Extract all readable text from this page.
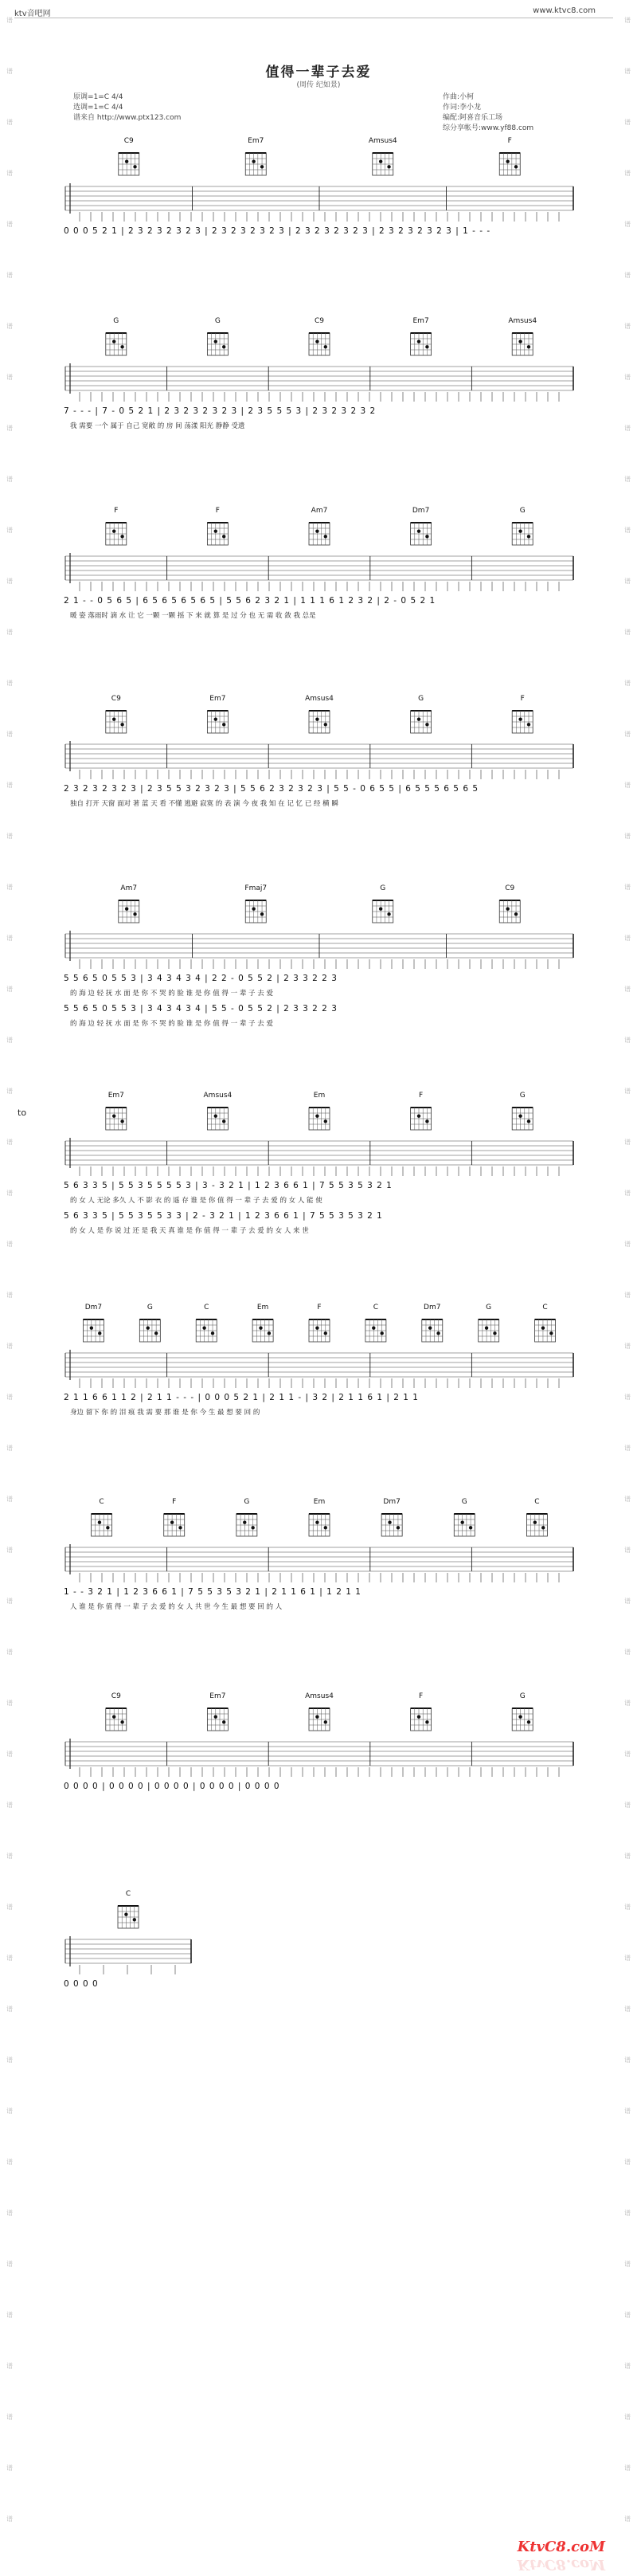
ktv音吧网	www.ktvc8.com
值得一辈子去爱
(周传 纪如景)
原调=1=C 4/4
选调=1=C 4/4
谱来自 http://www.ptx123.com
作曲:小柯
作词:李小龙
编配:阿喜音乐工场
综分享帐号:www.yf88.com
to
KtvC8.coM
KtvC8.coM
谱
谱
谱
谱
谱
谱
谱
谱
谱
谱
谱
谱
谱
谱
谱
谱
谱
谱
谱
谱
谱
谱
谱
谱
谱
谱
谱
谱
谱
谱
谱
谱
谱
谱
谱
谱
谱
谱
谱
谱
谱
谱
谱
谱
谱
谱
谱
谱
谱
谱
谱
谱
谱
谱
谱
谱
谱
谱
谱
谱
谱
谱
谱
谱
谱
谱
谱
谱
谱
谱
谱
谱
谱
谱
谱
谱
谱
谱
谱
谱
谱
谱
谱
谱
谱
谱
谱
谱
谱
谱
谱
谱
谱
谱
谱
谱
谱
谱
谱
谱
C9	Em7	Amsus4	F
0 0 0 5 2 1 | 2 3 2 3 2 3 2 3 | 2 3 2 3 2 3 2 3 | 2 3 2 3 2 3 2 3 | 2 3 2 3 2 3 2 3 | 1 - - -
G	G	C9	Em7	Amsus4
7 - - - | 7 - 0 5 2 1 | 2 3 2 3 2 3 2 3 | 2 3 5 5 5 3 | 2 3 2 3 2 3 2
我 需要 一个 属于 自己 宽敞 的 房 间 荡漾 阳光 静静 受遗
F	F	Am7	Dm7	G
2 1 - - 0 5 6 5 | 6 5 6 5 6 5 6 5 | 5 5 6 2 3 2 1 | 1 1 1 6 1 2 3 2 | 2 - 0 5 2 1
暖 姿 落雨时 滴 水 让 它 一颗 一颗 摇 下 来 就 算 是 过 分 也 无 需 收 敛 我 总是
C9	Em7	Amsus4	G	F
2 3 2 3 2 3 2 3 | 2 3 5 5 3 2 3 2 3 | 5 5 6 2 3 2 3 2 3 | 5 5 - 0 6 5 5 | 6 5 5 5 6 5 6 5
独自 打开 天窗 面对 著 蓝 天 看 不懂 逃避 寂寞 的 表 演 今 夜 我 知 在 记 忆 已 经 横 瞬
Am7	Fmaj7	G	C9
5 5 6 5 0 5 5 3 | 3 4 3 4 3 4 | 2 2 - 0 5 5 2 | 2 3 3 2 2 3
的 海 边 轻 抚 水 面 是 你 不 哭 的 脸 谁 是 你 值 得 一 辈 子 去 爱
5 5 6 5 0 5 5 3 | 3 4 3 4 3 4 | 5 5 - 0 5 5 2 | 2 3 3 2 2 3
的 海 边 轻 抚 水 面 是 你 不 哭 的 脸 谁 是 你 值 得 一 辈 子 去 爱
Em7	Amsus4	Em	F	G
5 6 3 3 5 | 5 5 3 5 5 5 5 3 | 3 - 3 2 1 | 1 2 3 6 6 1 | 7 5 5 3 5 3 2 1
的 女 人 无论 多久 人 不 影 衣 的 遥 存 谁 是 你 值 得 一 辈 子 去 爱 的 女 人 能 使
5 6 3 3 5 | 5 5 3 5 5 3 3 | 2 - 3 2 1 | 1 2 3 6 6 1 | 7 5 5 3 5 3 2 1
的 女 人 是 你 说 过 还 是 我 天 真 谁 是 你 值 得 一 辈 子 去 爱 的 女 人 来 世
Dm7	G	C	Em	F	C	Dm7	G	C
2 1 1 6 6 1 1 2 | 2 1 1 - - - | 0 0 0 5 2 1 | 2 1 1 - | 3 2 | 2 1 1 6 1 | 2 1 1
身边 留下 你 的 泪 痕 我 需 要 那 谁 是 你 今 生 最 想 要 回 的
C	F	G	Em	Dm7	G	C
1 - - 3 2 1 | 1 2 3 6 6 1 | 7 5 5 3 5 3 2 1 | 2 1 1 6 1 | 1 2 1 1
人 谁 是 你 值 得 一 辈 子 去 爱 的 女 人 共 世 今 生 最 想 要 回 的 人
C9	Em7	Amsus4	F	G
0 0 0 0 | 0 0 0 0 | 0 0 0 0 | 0 0 0 0 | 0 0 0 0
C
0 0 0 0
